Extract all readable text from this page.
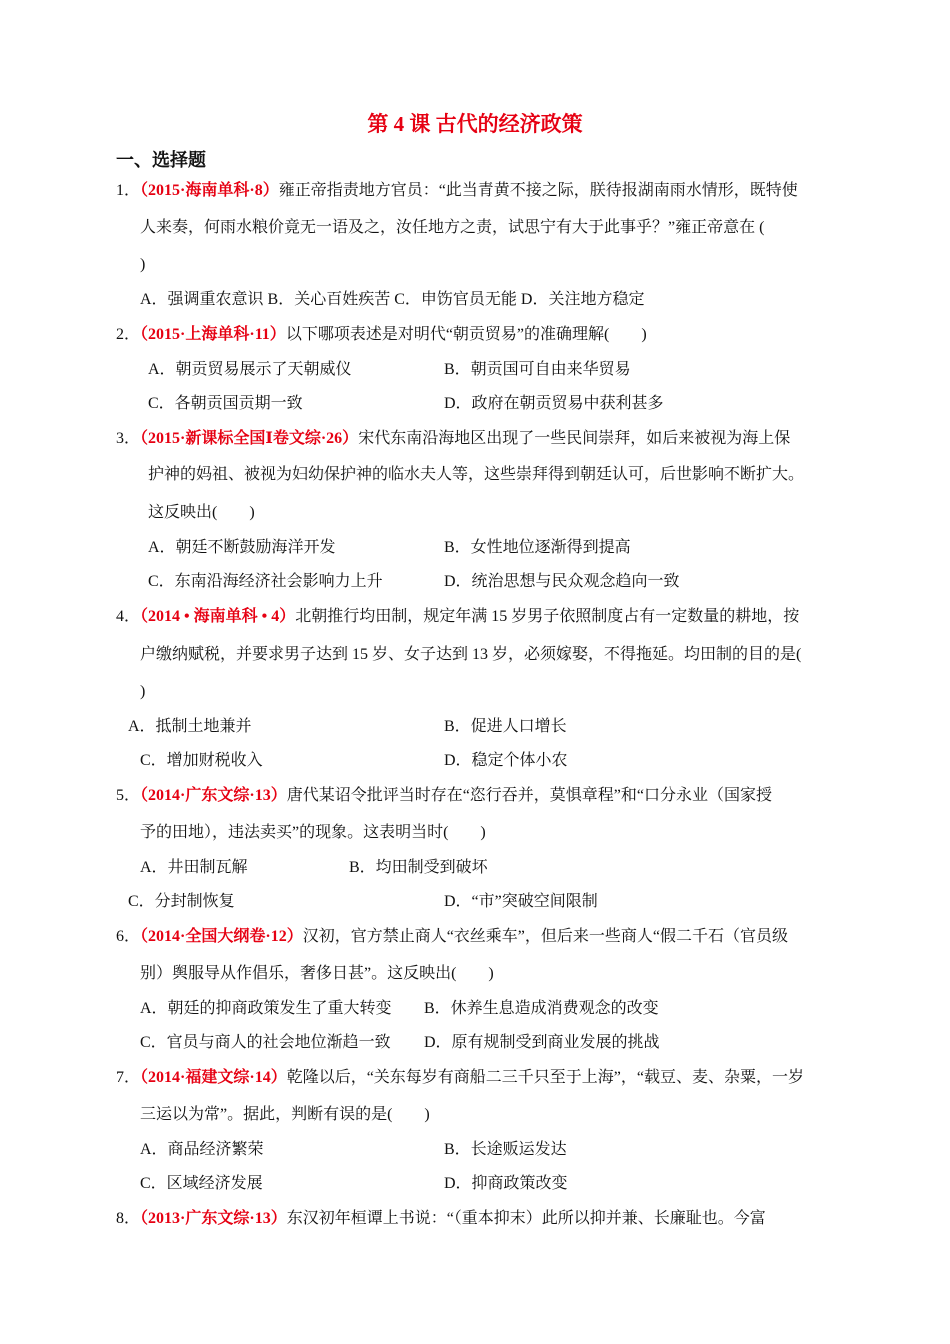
第 4 课 古代的经济政策
一、选择题
1．（2015·海南单科·8）雍正帝指责地方官员：“此当青黄不接之际，朕待报湖南雨水情形，既特使
人来奏，何雨水粮价竟无一语及之，汝任地方之责，试思宁有大于此事乎？”雍正帝意在 (
)
A．强调重农意识 B．关心百姓疾苦 C．申饬官员无能 D．关注地方稳定
2．（2015·上海单科·11）以下哪项表述是对明代“朝贡贸易”的准确理解(　　)
A．朝贡贸易展示了天朝威仪	B．朝贡国可自由来华贸易
C．各朝贡国贡期一致	D．政府在朝贡贸易中获利甚多
3．（2015·新课标全国Ⅰ卷文综·26）宋代东南沿海地区出现了一些民间崇拜，如后来被视为海上保
护神的妈祖、被视为妇幼保护神的临水夫人等，这些崇拜得到朝廷认可，后世影响不断扩大。
这反映出(　　)
A．朝廷不断鼓励海洋开发	B．女性地位逐渐得到提高
C．东南沿海经济社会影响力上升	D．统治思想与民众观念趋向一致
4．（2014 • 海南单科 • 4）北朝推行均田制，规定年满 15 岁男子依照制度占有一定数量的耕地，按
户缴纳赋税，并要求男子达到 15 岁、女子达到 13 岁，必须嫁娶，不得拖延。均田制的目的是(
)
A．抵制土地兼并	B．促进人口增长
C．增加财税收入	D．稳定个体小农
5．（2014·广东文综·13）唐代某诏令批评当时存在“恣行吞并，莫惧章程”和“口分永业（国家授
予的田地），违法卖买”的现象。这表明当时(　　)
A．井田制瓦解	B．均田制受到破坏
C．分封制恢复	D．“市”突破空间限制
6．（2014·全国大纲卷·12）汉初，官方禁止商人“衣丝乘车”，但后来一些商人“假二千石（官员级
别）舆服导从作倡乐，奢侈日甚”。这反映出(　　)
A．朝廷的抑商政策发生了重大转变 B．休养生息造成消费观念的改变
C．官员与商人的社会地位渐趋一致 D．原有规制受到商业发展的挑战
7．（2014·福建文综·14）乾隆以后，“关东每岁有商船二三千只至于上海”，“载豆、麦、杂粟，一岁
三运以为常”。据此，判断有误的是(　　)
A．商品经济繁荣	B．长途贩运发达
C．区域经济发展	D．抑商政策改变
8．（2013·广东文综·13）东汉初年桓谭上书说：“（重本抑末）此所以抑并兼、长廉耻也。今富
